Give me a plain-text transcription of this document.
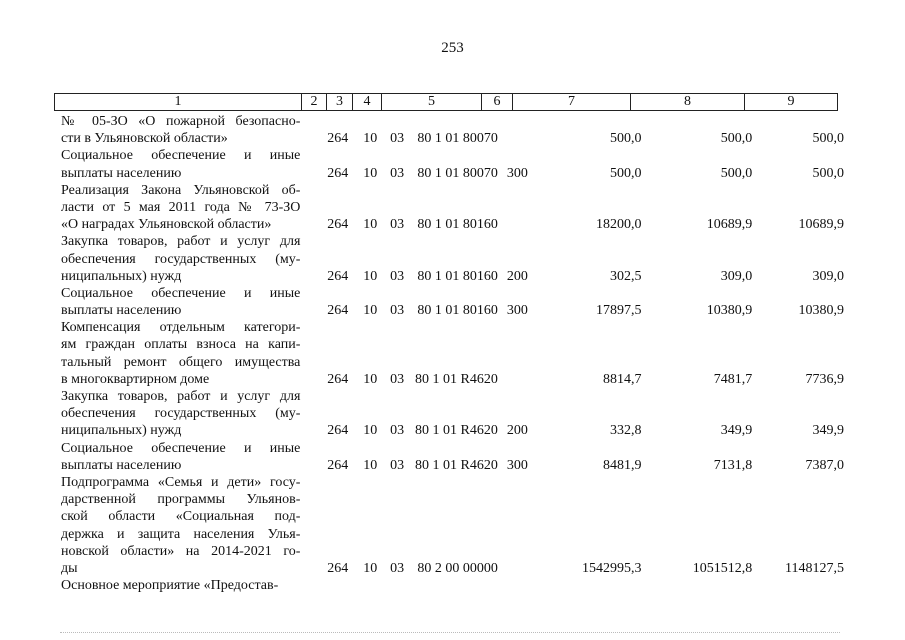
253
1	2	3	4	5	6	7	8	9
№ 05-ЗО «О пожарной безопасно-
сти в Ульяновской области»	264	10 03 80 1 01 80070	500,0	500,0	500,0
Социальное обеспечение и иные
выплаты населению	264	10 03 80 1 01 80070 300	500,0	500,0	500,0
Реализация Закона Ульяновской об-
ласти от 5 мая 2011 года № 73-ЗО
«О наградах Ульяновской области»	264	10 03 80 1 01 80160	18200,0	10689,9	10689,9
Закупка товаров, работ и услуг для
обеспечения государственных (му-
ниципальных) нужд	264	10 03 80 1 01 80160 200	302,5	309,0	309,0
Социальное обеспечение и иные
выплаты населению	264	10 03 80 1 01 80160 300	17897,5	10380,9	10380,9
Компенсация отдельным категори-
ям граждан оплаты взноса на капи-
тальный ремонт общего имущества
в многоквартирном доме	264	10 03 80 1 01 R4620	8814,7	7481,7	7736,9
Закупка товаров, работ и услуг для
обеспечения государственных (му-
ниципальных) нужд	264	10 03 80 1 01 R4620 200	332,8	349,9	349,9
Социальное обеспечение и иные
выплаты населению	264	10 03 80 1 01 R4620 300	8481,9	7131,8	7387,0
Подпрограмма «Семья и дети» госу-
дарственной программы Ульянов-
ской области «Социальная под-
держка и защита населения Улья-
новской области» на 2014-2021 го-
ды	264	10 03 80 2 00 00000	1542995,3	1051512,8	1148127,5
Основное мероприятие «Предостав-
